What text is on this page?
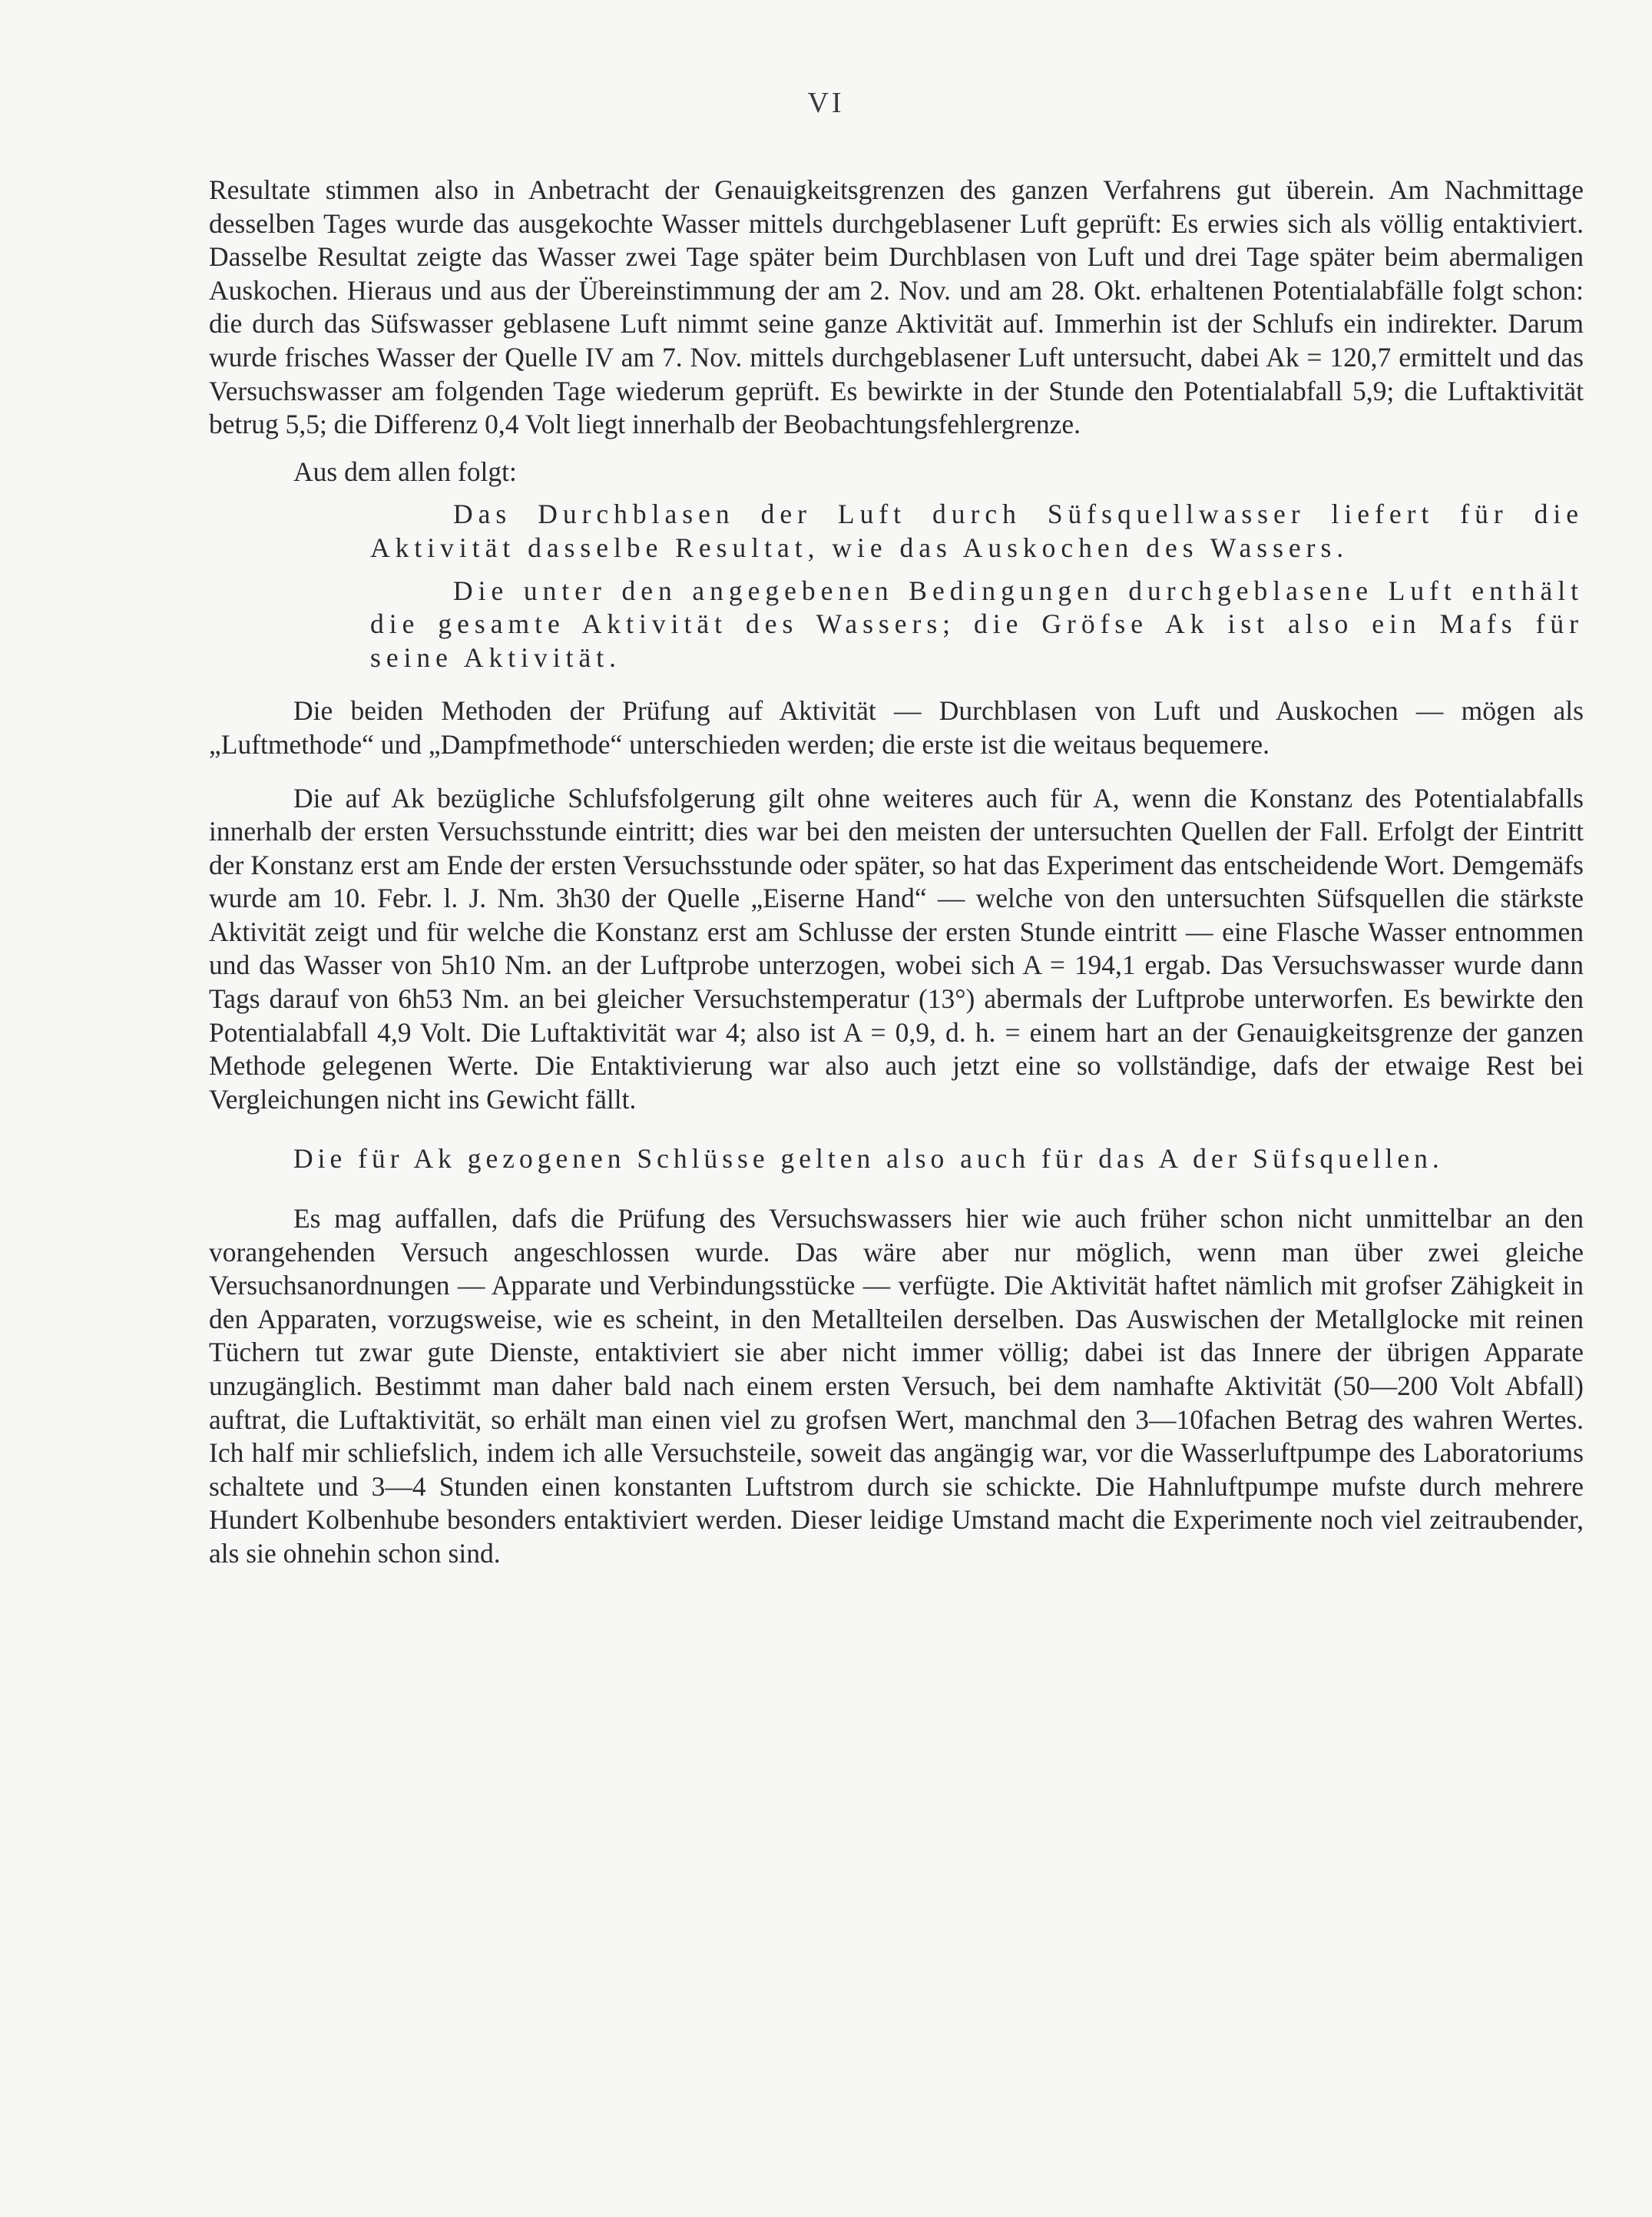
VI

Resultate stimmen also in Anbetracht der Genauigkeitsgrenzen des ganzen Verfahrens gut überein. Am Nachmittage desselben Tages wurde das ausgekochte Wasser mittels durchgeblasener Luft geprüft: Es erwies sich als völlig entaktiviert. Dasselbe Resultat zeigte das Wasser zwei Tage später beim Durchblasen von Luft und drei Tage später beim abermaligen Auskochen. Hieraus und aus der Übereinstimmung der am 2. Nov. und am 28. Okt. erhaltenen Potentialabfälle folgt schon: die durch das Süfswasser geblasene Luft nimmt seine ganze Aktivität auf. Immerhin ist der Schlufs ein indirekter. Darum wurde frisches Wasser der Quelle IV am 7. Nov. mittels durchgeblasener Luft untersucht, dabei Ak = 120,7 ermittelt und das Versuchswasser am folgenden Tage wiederum geprüft. Es bewirkte in der Stunde den Potentialabfall 5,9; die Luftaktivität betrug 5,5; die Differenz 0,4 Volt liegt innerhalb der Beobachtungsfehlergrenze.

Aus dem allen folgt:

Das Durchblasen der Luft durch Süfsquellwasser liefert für die Aktivität dasselbe Resultat, wie das Auskochen des Wassers.

Die unter den angegebenen Bedingungen durchgeblasene Luft enthält die gesamte Aktivität des Wassers; die Gröfse Ak ist also ein Mafs für seine Aktivität.

Die beiden Methoden der Prüfung auf Aktivität — Durchblasen von Luft und Auskochen — mögen als „Luftmethode“ und „Dampfmethode“ unterschieden werden; die erste ist die weitaus bequemere.

Die auf Ak bezügliche Schlufsfolgerung gilt ohne weiteres auch für A, wenn die Konstanz des Potentialabfalls innerhalb der ersten Versuchsstunde eintritt; dies war bei den meisten der untersuchten Quellen der Fall. Erfolgt der Eintritt der Konstanz erst am Ende der ersten Versuchsstunde oder später, so hat das Experiment das entscheidende Wort. Demgemäfs wurde am 10. Febr. l. J. Nm. 3h30 der Quelle „Eiserne Hand“ — welche von den untersuchten Süfsquellen die stärkste Aktivität zeigt und für welche die Konstanz erst am Schlusse der ersten Stunde eintritt — eine Flasche Wasser entnommen und das Wasser von 5h10 Nm. an der Luftprobe unterzogen, wobei sich A = 194,1 ergab. Das Versuchswasser wurde dann Tags darauf von 6h53 Nm. an bei gleicher Versuchstemperatur (13°) abermals der Luftprobe unterworfen. Es bewirkte den Potentialabfall 4,9 Volt. Die Luftaktivität war 4; also ist A = 0,9, d. h. = einem hart an der Genauigkeitsgrenze der ganzen Methode gelegenen Werte. Die Entaktivierung war also auch jetzt eine so vollständige, dafs der etwaige Rest bei Vergleichungen nicht ins Gewicht fällt.

Die für Ak gezogenen Schlüsse gelten also auch für das A der Süfsquellen.

Es mag auffallen, dafs die Prüfung des Versuchswassers hier wie auch früher schon nicht unmittelbar an den vorangehenden Versuch angeschlossen wurde. Das wäre aber nur möglich, wenn man über zwei gleiche Versuchsanordnungen — Apparate und Verbindungsstücke — verfügte. Die Aktivität haftet nämlich mit grofser Zähigkeit in den Apparaten, vorzugsweise, wie es scheint, in den Metallteilen derselben. Das Auswischen der Metallglocke mit reinen Tüchern tut zwar gute Dienste, entaktiviert sie aber nicht immer völlig; dabei ist das Innere der übrigen Apparate unzugänglich. Bestimmt man daher bald nach einem ersten Versuch, bei dem namhafte Aktivität (50—200 Volt Abfall) auftrat, die Luftaktivität, so erhält man einen viel zu grofsen Wert, manchmal den 3—10fachen Betrag des wahren Wertes. Ich half mir schliefslich, indem ich alle Versuchsteile, soweit das angängig war, vor die Wasserluftpumpe des Laboratoriums schaltete und 3—4 Stunden einen konstanten Luftstrom durch sie schickte. Die Hahnluftpumpe mufste durch mehrere Hundert Kolbenhube besonders entaktiviert werden. Dieser leidige Umstand macht die Experimente noch viel zeitraubender, als sie ohnehin schon sind.
